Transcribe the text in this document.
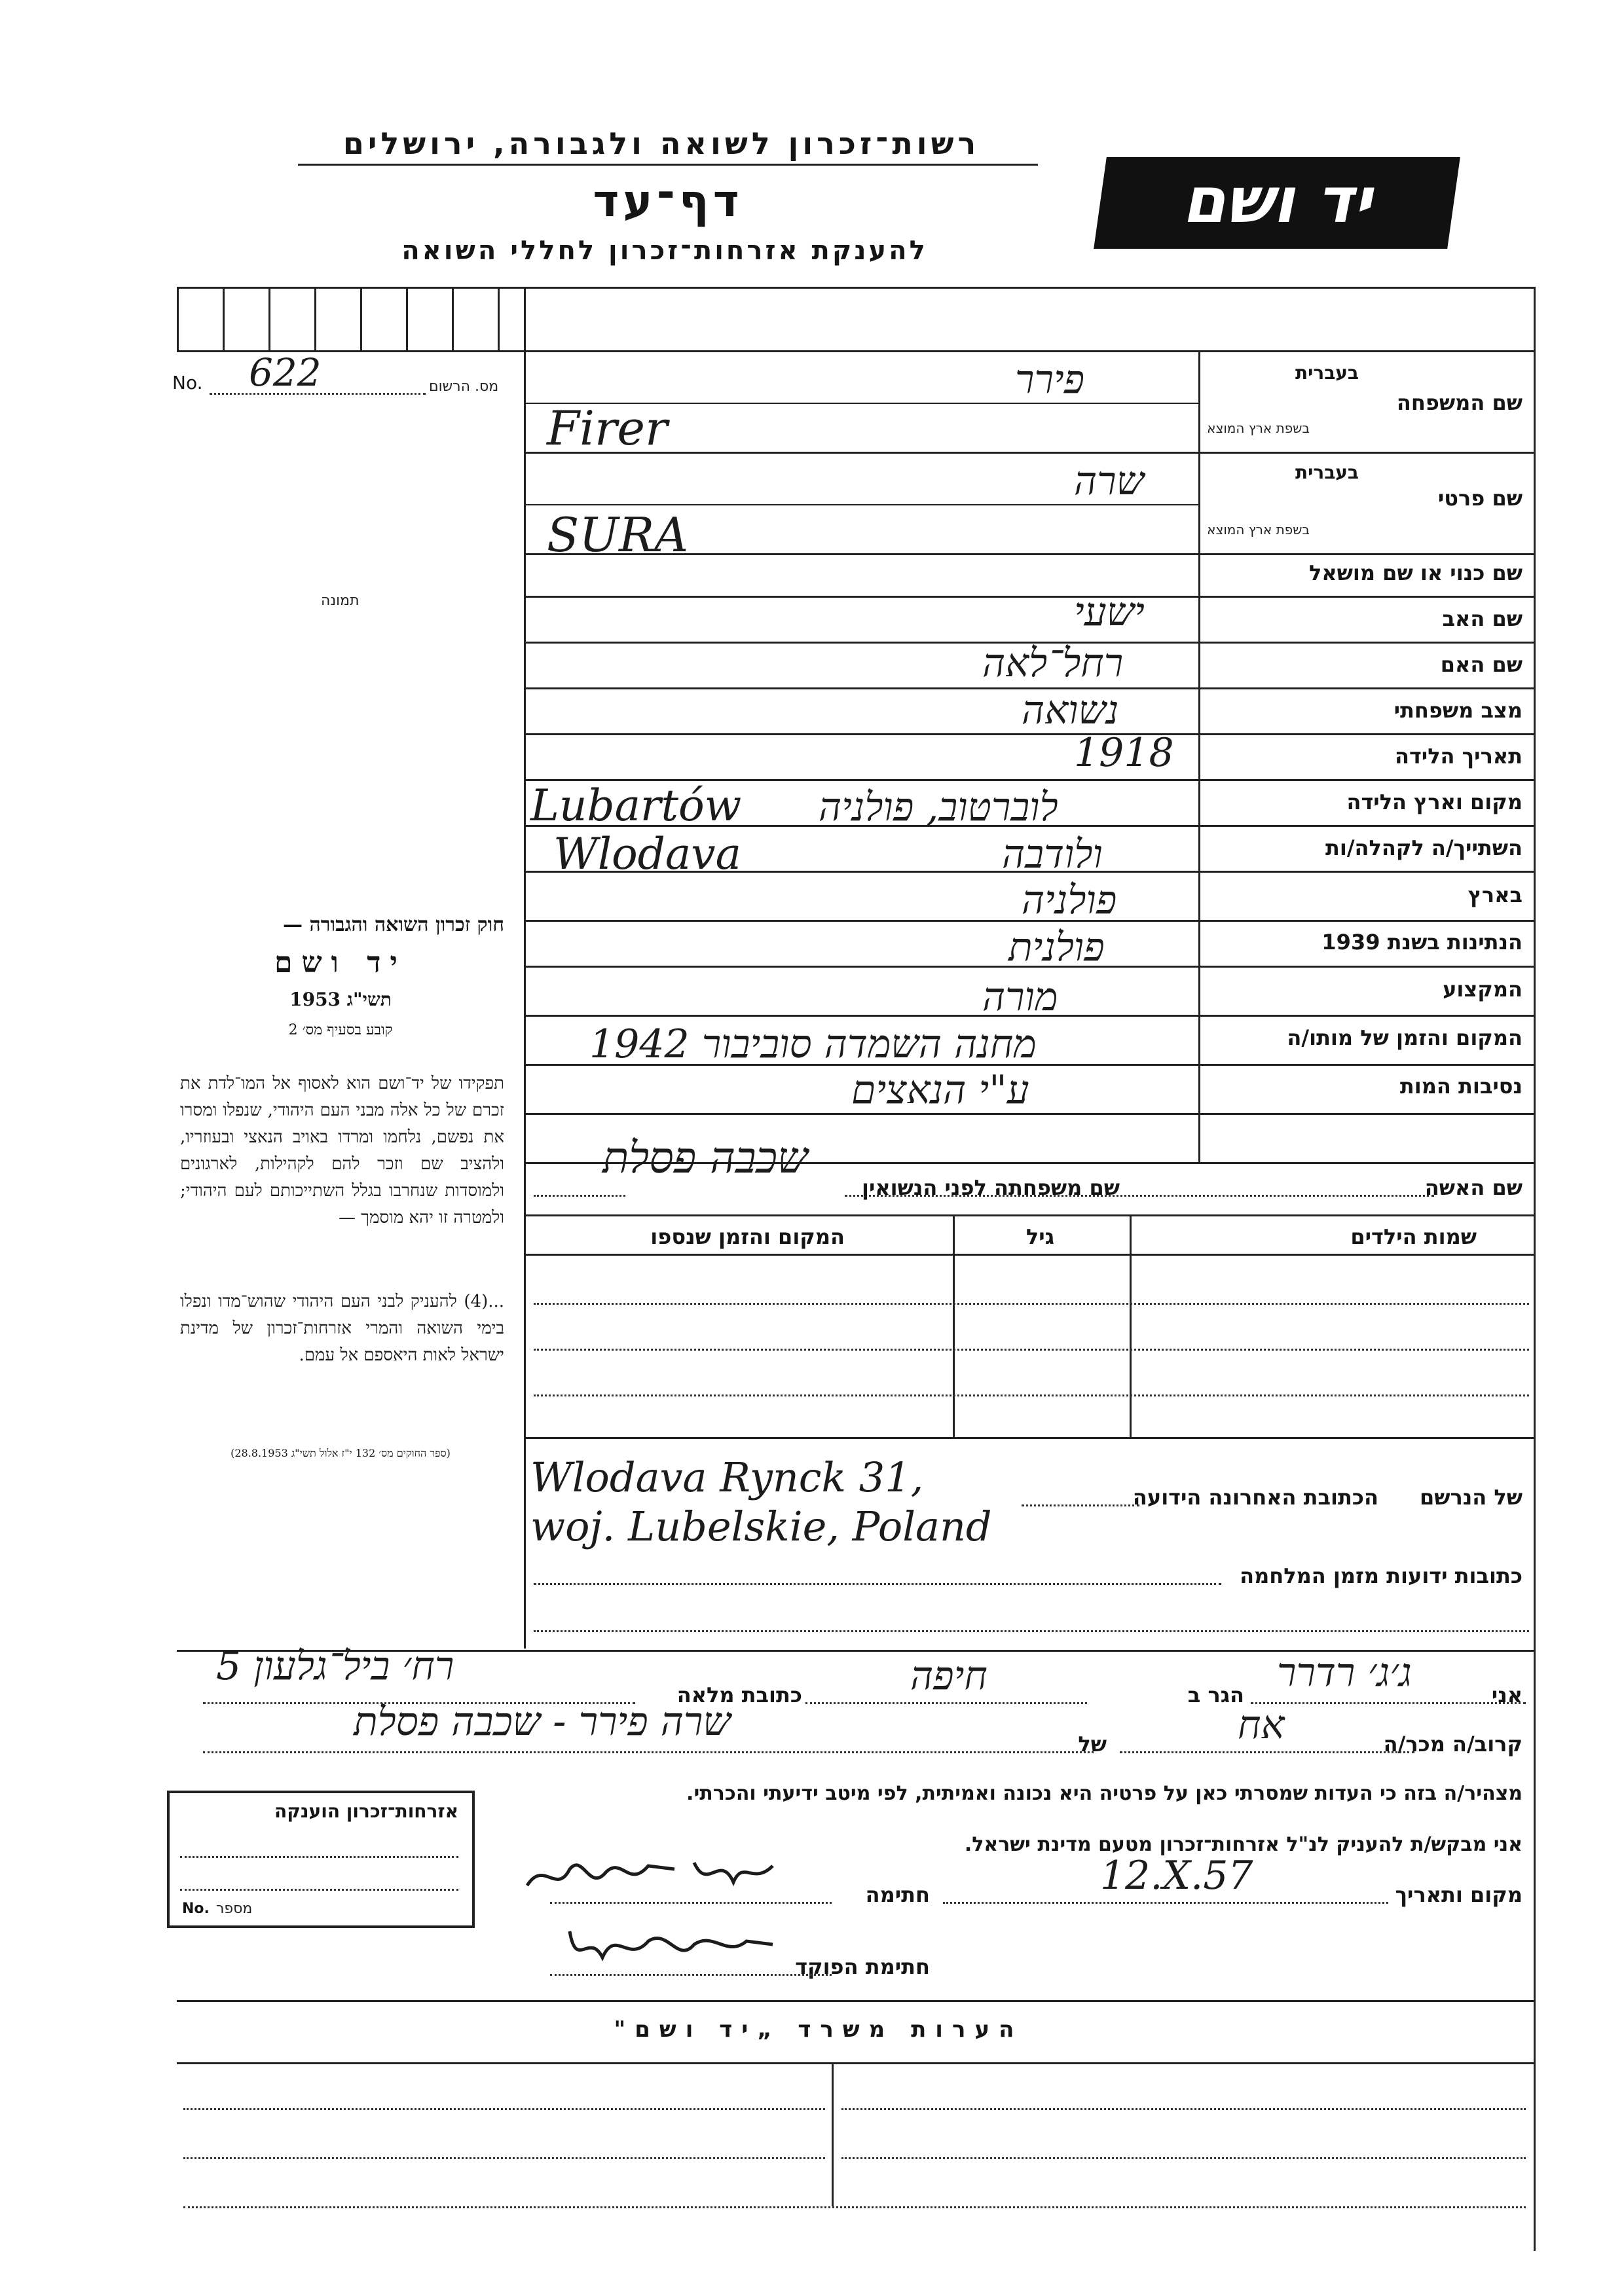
רשות־זכרון לשואה ולגבורה, ירושלים
דף־עד
להענקת אזרחות־זכרון לחללי השואה
יד ושם
No. 622	מס. הרשום
תמונה
בעברית
שם המשפחה
בשפת ארץ המוצא
בעברית
שם פרטי
בשפת ארץ המוצא
שם כנוי או שם מושאל
שם האב
שם האם
מצב משפחתי
תאריך הלידה
מקום וארץ הלידה
השתייך/ה לקהלה/ות
בארץ
הנתינות בשנת 1939
המקצוע
המקום והזמן של מותו/ה
נסיבות המות
פירר
Firer
שרה
SURA
ישעי
רחל־לאה
נשואה
1918
לוברטוב, פולניה
Lubartów
ולודבה
Wlodava
פולניה
פולנית
מורה
מחנה השמדה סוביבור 1942
ע"י הנאצים
שם האשה
שם משפחתה לפני הנשואין
שכבה פסלת
שמות הילדים
גיל
המקום והזמן שנספו
של הנרשם
הכתובת האחרונה הידועה
Wlodava Rynck 31,
woj. Lubelskie, Poland
כתובות ידועות מזמן המלחמה
חוק זכרון השואה והגבורה —
יד ושם
תשי"ג 1953
קובע בסעיף מס׳ 2
תפקידו של יד־ושם הוא לאסוף אל המו־לדת את זכרם של כל אלה מבני העם היהודי, שנפלו ומסרו את נפשם, נלחמו ומרדו באויב הנאצי ובעוזריו, ולהציב שם וזכר להם לקהילות, לארגונים ולמוסדות שנחרבו בגלל השתייכותם לעם היהודי; ולמטרה זו יהא מוסמך —
...(4) להעניק לבני העם היהודי שהוש־מדו ונפלו בימי השואה והמרי אזרחות־זכרון של מדינת ישראל לאות היאספם אל עמם.
(ספר החוקים מס׳ 132 י"ז אלול תשי"ג 28.8.1953)
אני
ג׳ג׳ רדרר
הגר ב
חיפה
כתובת מלאה
רח׳ ביל־גלעון 5
קרוב/ה מכר/ה
אח
של
שרה פירר - שכבה פסלת
מצהיר/ה בזה כי העדות שמסרתי כאן על פרטיה היא נכונה ואמיתית, לפי מיטב ידיעתי והכרתי.
אני מבקש/ת להעניק לנ"ל אזרחות־זכרון מטעם מדינת ישראל.
מקום ותאריך
12.X.57
חתימה
חתימת הפוקד
אזרחות־זכרון הוענקה
No. מספר
הערות משרד „יד ושם"
